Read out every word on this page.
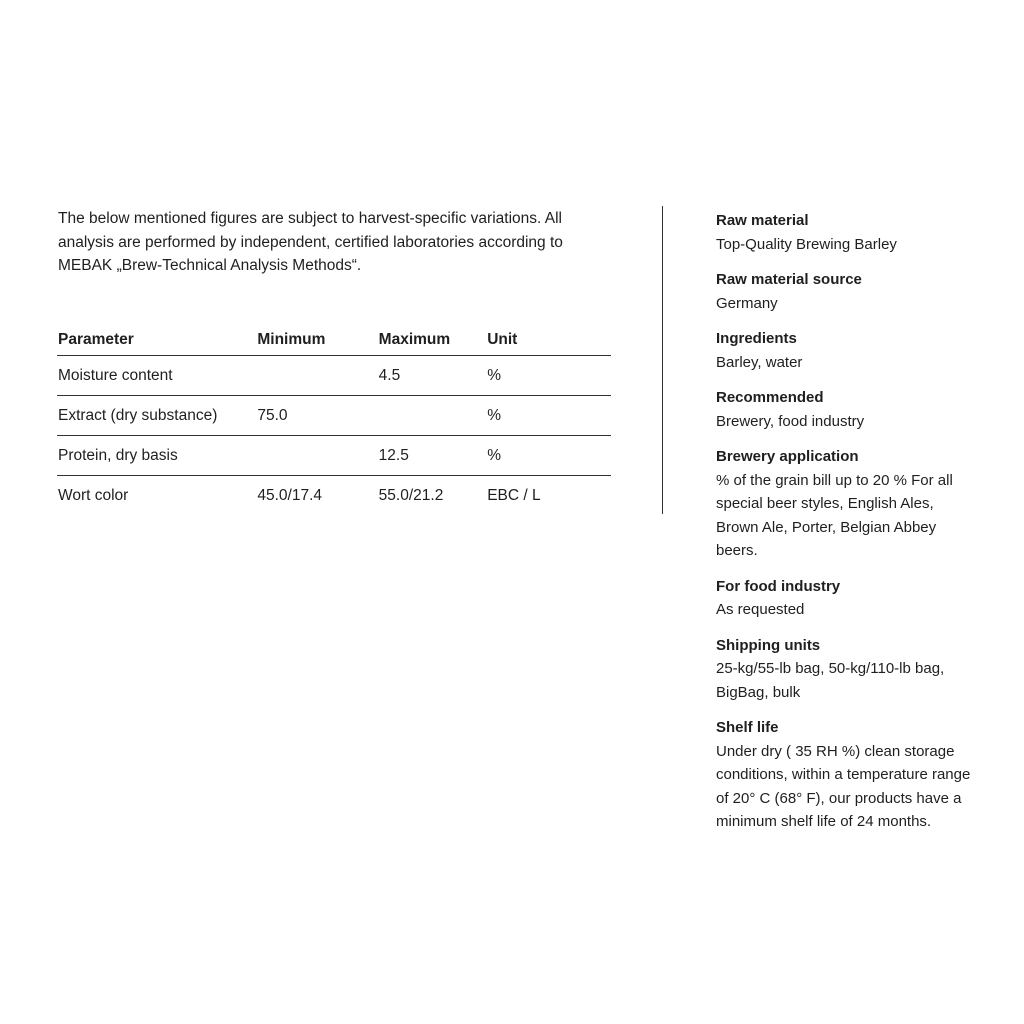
The below mentioned figures are subject to harvest-specific variations. All analysis are performed by independent, certified laboratories according to MEBAK „Brew-Technical Analysis Methods“.

Parameter	Minimum	Maximum	Unit
Moisture content		4.5	%
Extract (dry substance)	75.0		%
Protein, dry basis		12.5	%
Wort color	45.0/17.4	55.0/21.2	EBC / L

Raw material

Top-Quality Brewing Barley

Raw material source

Germany

Ingredients

Barley, water

Recommended

Brewery, food industry

Brewery application

% of the grain bill up to 20 % For all special beer styles, English Ales, Brown Ale, Porter, Belgian Abbey beers.

For food industry

As requested

Shipping units

25-kg/55-lb bag, 50-kg/110-lb bag, BigBag, bulk

Shelf life

Under dry ( 35 RH %) clean storage conditions, within a temperature range of 20° C (68° F), our products have a minimum shelf life of 24 months.
